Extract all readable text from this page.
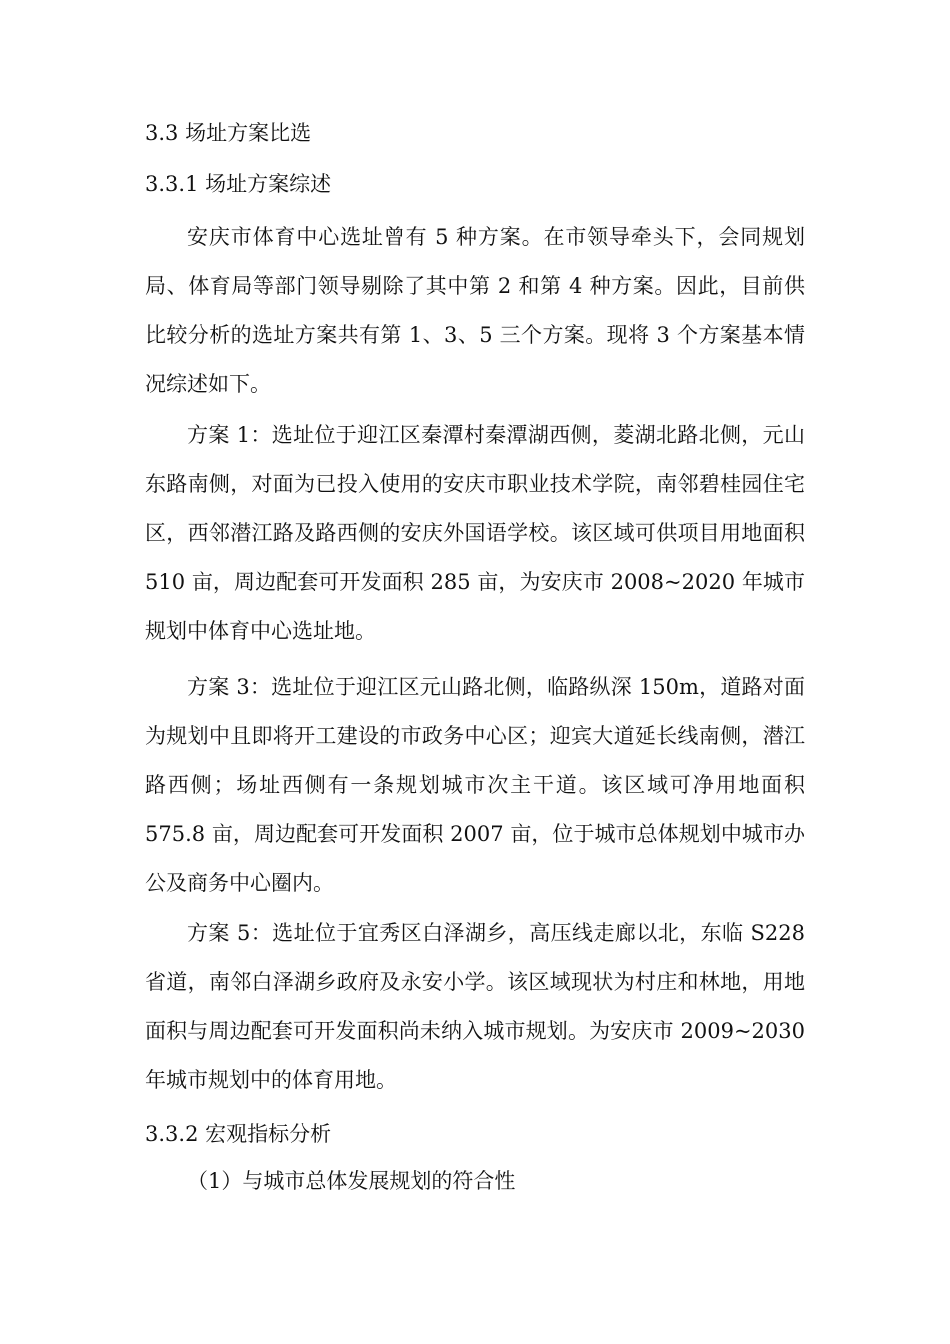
3.3 场址方案比选
3.3.1 场址方案综述

安庆市体育中心选址曾有 5 种方案。在市领导牵头下，会同规划局、体育局等部门领导剔除了其中第 2 和第 4 种方案。因此，目前供比较分析的选址方案共有第 1、3、5 三个方案。现将 3 个方案基本情况综述如下。

方案 1：选址位于迎江区秦潭村秦潭湖西侧，菱湖北路北侧，元山东路南侧，对面为已投入使用的安庆市职业技术学院，南邻碧桂园住宅区，西邻潜江路及路西侧的安庆外国语学校。该区域可供项目用地面积 510 亩，周边配套可开发面积 285 亩，为安庆市 2008~2020 年城市规划中体育中心选址地。

方案 3：选址位于迎江区元山路北侧，临路纵深 150m，道路对面为规划中且即将开工建设的市政务中心区；迎宾大道延长线南侧，潜江路西侧；场址西侧有一条规划城市次主干道。该区域可净用地面积 575.8 亩，周边配套可开发面积 2007 亩，位于城市总体规划中城市办公及商务中心圈内。

方案 5：选址位于宜秀区白泽湖乡，高压线走廊以北，东临 S228 省道，南邻白泽湖乡政府及永安小学。该区域现状为村庄和林地，用地面积与周边配套可开发面积尚未纳入城市规划。为安庆市 2009~2030 年城市规划中的体育用地。

3.3.2 宏观指标分析
（1）与城市总体发展规划的符合性
